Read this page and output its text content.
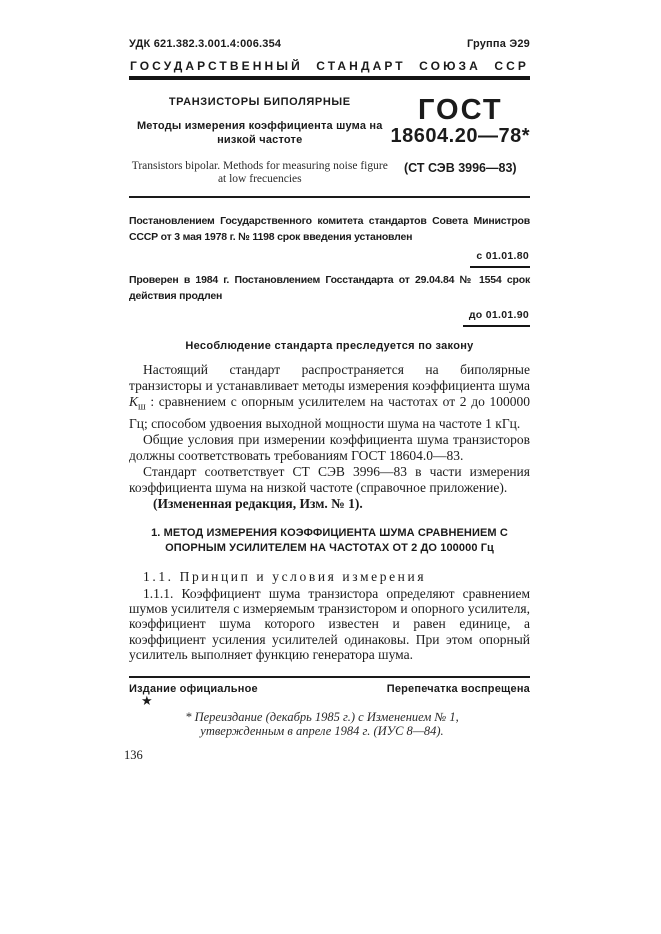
УДК 621.382.3.001.4:006.354	Группа Э29
ГОСУДАРСТВЕННЫЙ СТАНДАРТ СОЮЗА ССР
ТРАНЗИСТОРЫ БИПОЛЯРНЫЕ
Методы измерения коэффициента шума на низкой частоте
Transistors bipolar. Methods for measuring noise figure at low frecuencies
ГОСТ
18604.20—78*
(СТ СЭВ 3996—83)

Постановлением Государственного комитета стандартов Совета Министров СССР от 3 мая 1978 г. № 1198 срок введения установлен

с 01.01.80

Проверен в 1984 г. Постановлением Госстандарта от 29.04.84 № 1554 срок действия продлен

до 01.01.90
Несоблюдение стандарта преследуется по закону

Настоящий стандарт распространяется на биполярные транзисторы и устанавливает методы измерения коэффициента шума $К_ш$ : сравнением с опорным усилителем на частотах от 2 до 100000 Гц; способом удвоения выходной мощности шума на частоте 1 кГц.

Общие условия при измерении коэффициента шума транзисторов должны соответствовать требованиям ГОСТ 18604.0—83.

Стандарт соответствует СТ СЭВ 3996—83 в части измерения коэффициента шума на низкой частоте (справочное приложение).

(Измененная редакция, Изм. № 1).

1. МЕТОД ИЗМЕРЕНИЯ КОЭФФИЦИЕНТА ШУМА СРАВНЕНИЕМ С ОПОРНЫМ УСИЛИТЕЛЕМ НА ЧАСТОТАХ ОТ 2 ДО 100000 Гц
1.1. Принцип и условия измерения

1.1.1. Коэффициент шума транзистора определяют сравнением шумов усилителя с измеряемым транзистором и опорного усилителя, коэффициент шума которого известен и равен единице, а коэффициент усиления усилителей одинаковы. При этом опорный усилитель выполняет функцию генератора шума.

Издание официальное	Перепечатка воспрещена
★
* Переиздание (декабрь 1985 г.) с Изменением № 1,
утвержденным в апреле 1984 г. (ИУС 8—84).
136
